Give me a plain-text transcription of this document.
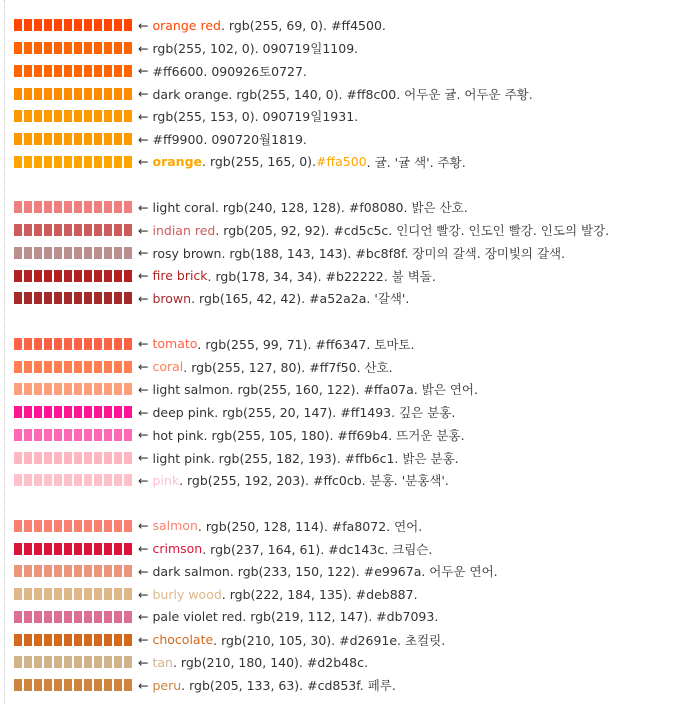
← orange red . rgb(255, 69, 0). #ff4500.
← rgb(255, 102, 0). 090719일1109.
← #ff6600. 090926토0727.
← dark orange. rgb(255, 140, 0). #ff8c00. 어두운 귤. 어두운 주황.
← rgb(255, 153, 0). 090719일1931.
← #ff9900. 090720월1819.
← orange . rgb(255, 165, 0). #ffa500 . 귤. '귤 색'. 주황.
← light coral. rgb(240, 128, 128). #f08080. 밝은 산호.
← indian red . rgb(205, 92, 92). #cd5c5c. 인디언 빨강. 인도인 빨강. 인도의 발강.
← rosy brown. rgb(188, 143, 143). #bc8f8f. 장미의 갈색. 장미빛의 갈색.
← fire brick . rgb(178, 34, 34). #b22222. 불 벽돌.
← brown . rgb(165, 42, 42). #a52a2a. '갈색'.
← tomato . rgb(255, 99, 71). #ff6347. 토마토.
← coral . rgb(255, 127, 80). #ff7f50. 산호.
← light salmon. rgb(255, 160, 122). #ffa07a. 밝은 연어.
← deep pink. rgb(255, 20, 147). #ff1493. 깊은 분홍.
← hot pink. rgb(255, 105, 180). #ff69b4. 뜨거운 분홍.
← light pink. rgb(255, 182, 193). #ffb6c1. 밝은 분홍.
← pink . rgb(255, 192, 203). #ffc0cb. 분홍. '분홍색'.
← salmon . rgb(250, 128, 114). #fa8072. 연어.
← crimson . rgb(237, 164, 61). #dc143c. 크림슨.
← dark salmon. rgb(233, 150, 122). #e9967a. 어두운 연어.
← burly wood . rgb(222, 184, 135). #deb887.
← pale violet red. rgb(219, 112, 147). #db7093.
← chocolate . rgb(210, 105, 30). #d2691e. 초컬릿.
← tan . rgb(210, 180, 140). #d2b48c.
← peru . rgb(205, 133, 63). #cd853f. 페루.
